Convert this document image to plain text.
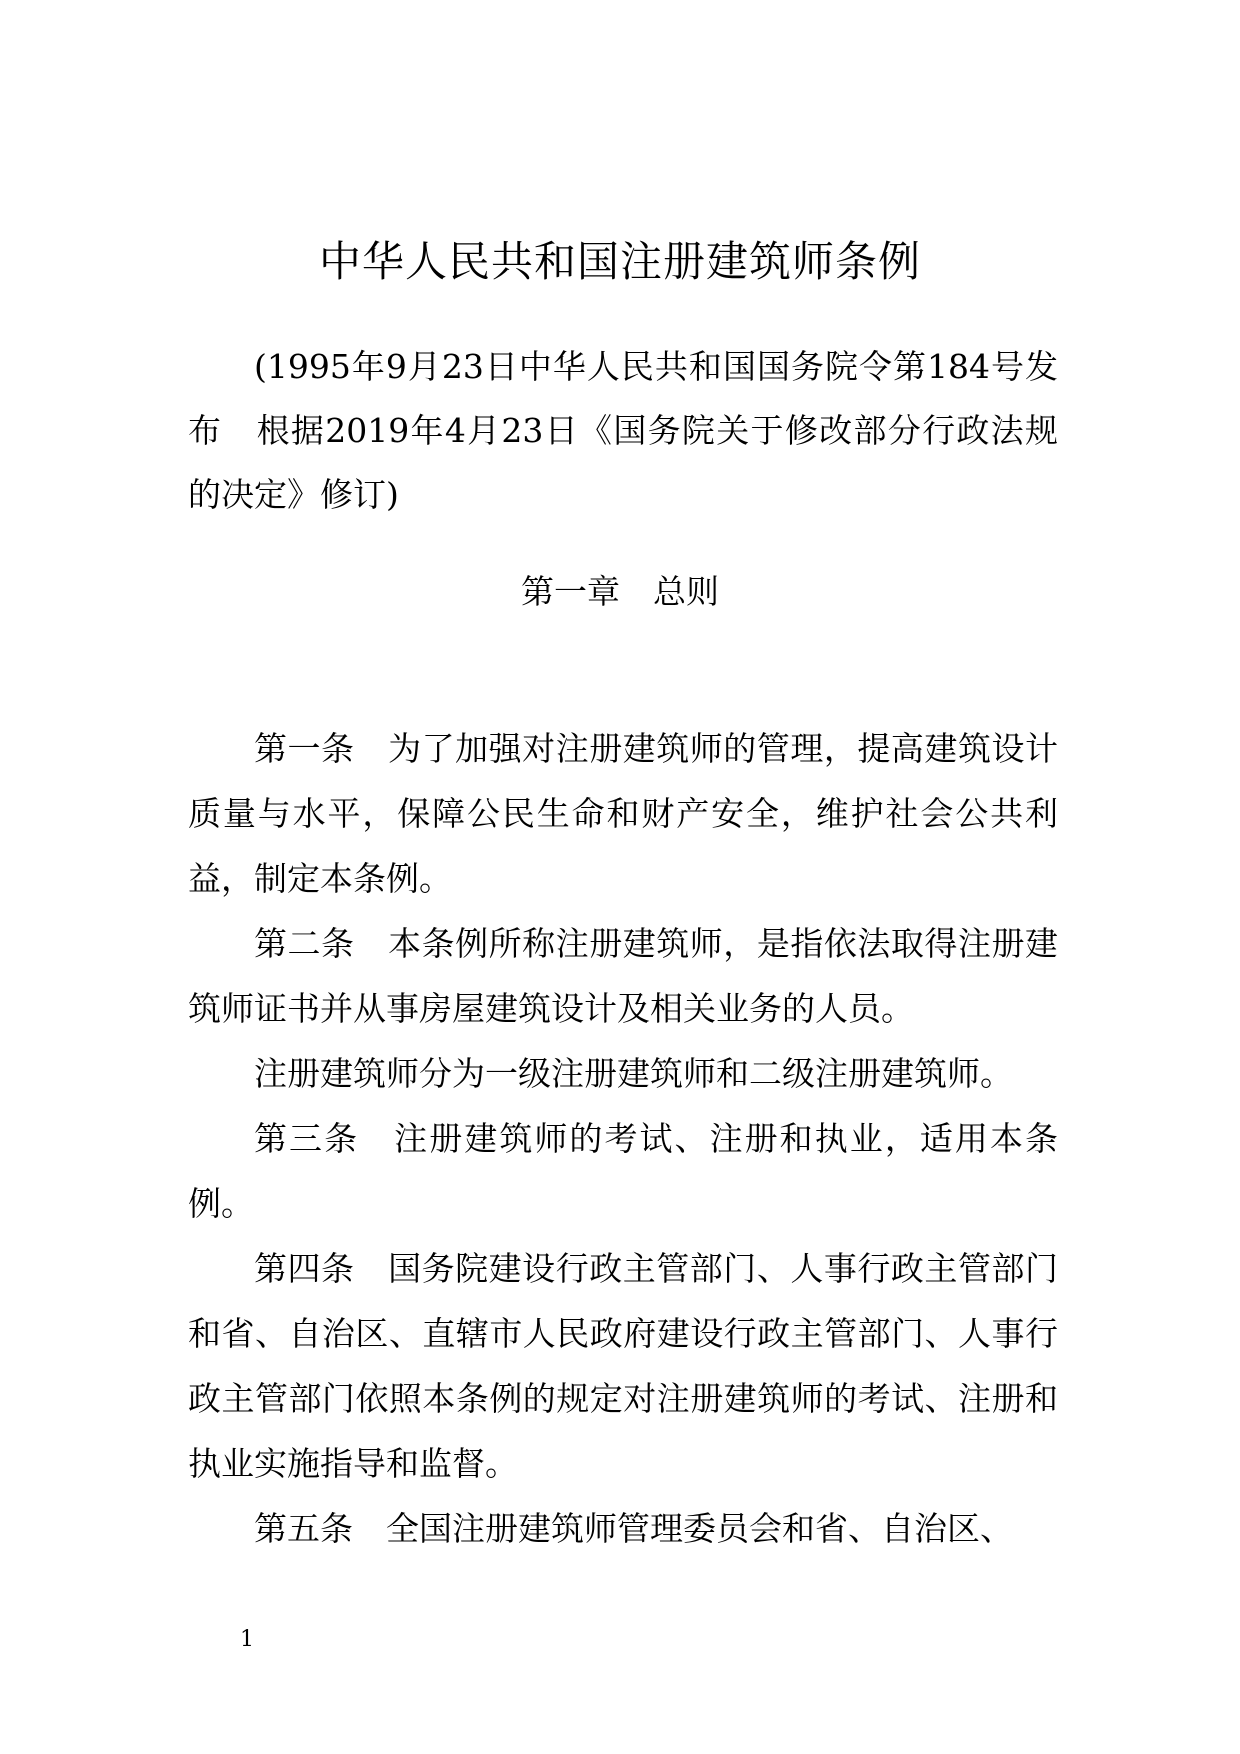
中华人民共和国注册建筑师条例
(1995年9月23日中华人民共和国国务院令第184号发布　根据2019年4月23日《国务院关于修改部分行政法规的决定》修订)
第一章　总则

第一条　为了加强对注册建筑师的管理，提高建筑设计质量与水平，保障公民生命和财产安全，维护社会公共利益，制定本条例。

第二条　本条例所称注册建筑师，是指依法取得注册建筑师证书并从事房屋建筑设计及相关业务的人员。

注册建筑师分为一级注册建筑师和二级注册建筑师。

第三条　注册建筑师的考试、注册和执业，适用本条例。

第四条　国务院建设行政主管部门、人事行政主管部门和省、自治区、直辖市人民政府建设行政主管部门、人事行政主管部门依照本条例的规定对注册建筑师的考试、注册和执业实施指导和监督。

第五条　全国注册建筑师管理委员会和省、自治区、

1
